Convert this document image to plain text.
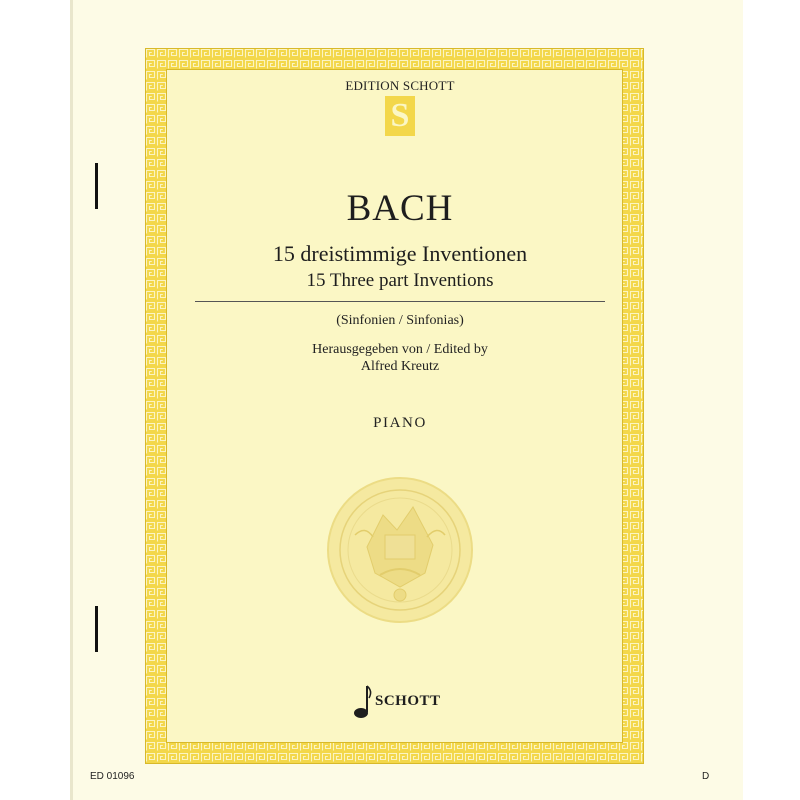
EDITION SCHOTT
S
BACH
15 dreistimmige Inventionen
15 Three part Inventions
(Sinfonien / Sinfonias)
Herausgegeben von / Edited by
Alfred Kreutz
PIANO
SCHOTT
ED 01096	D
